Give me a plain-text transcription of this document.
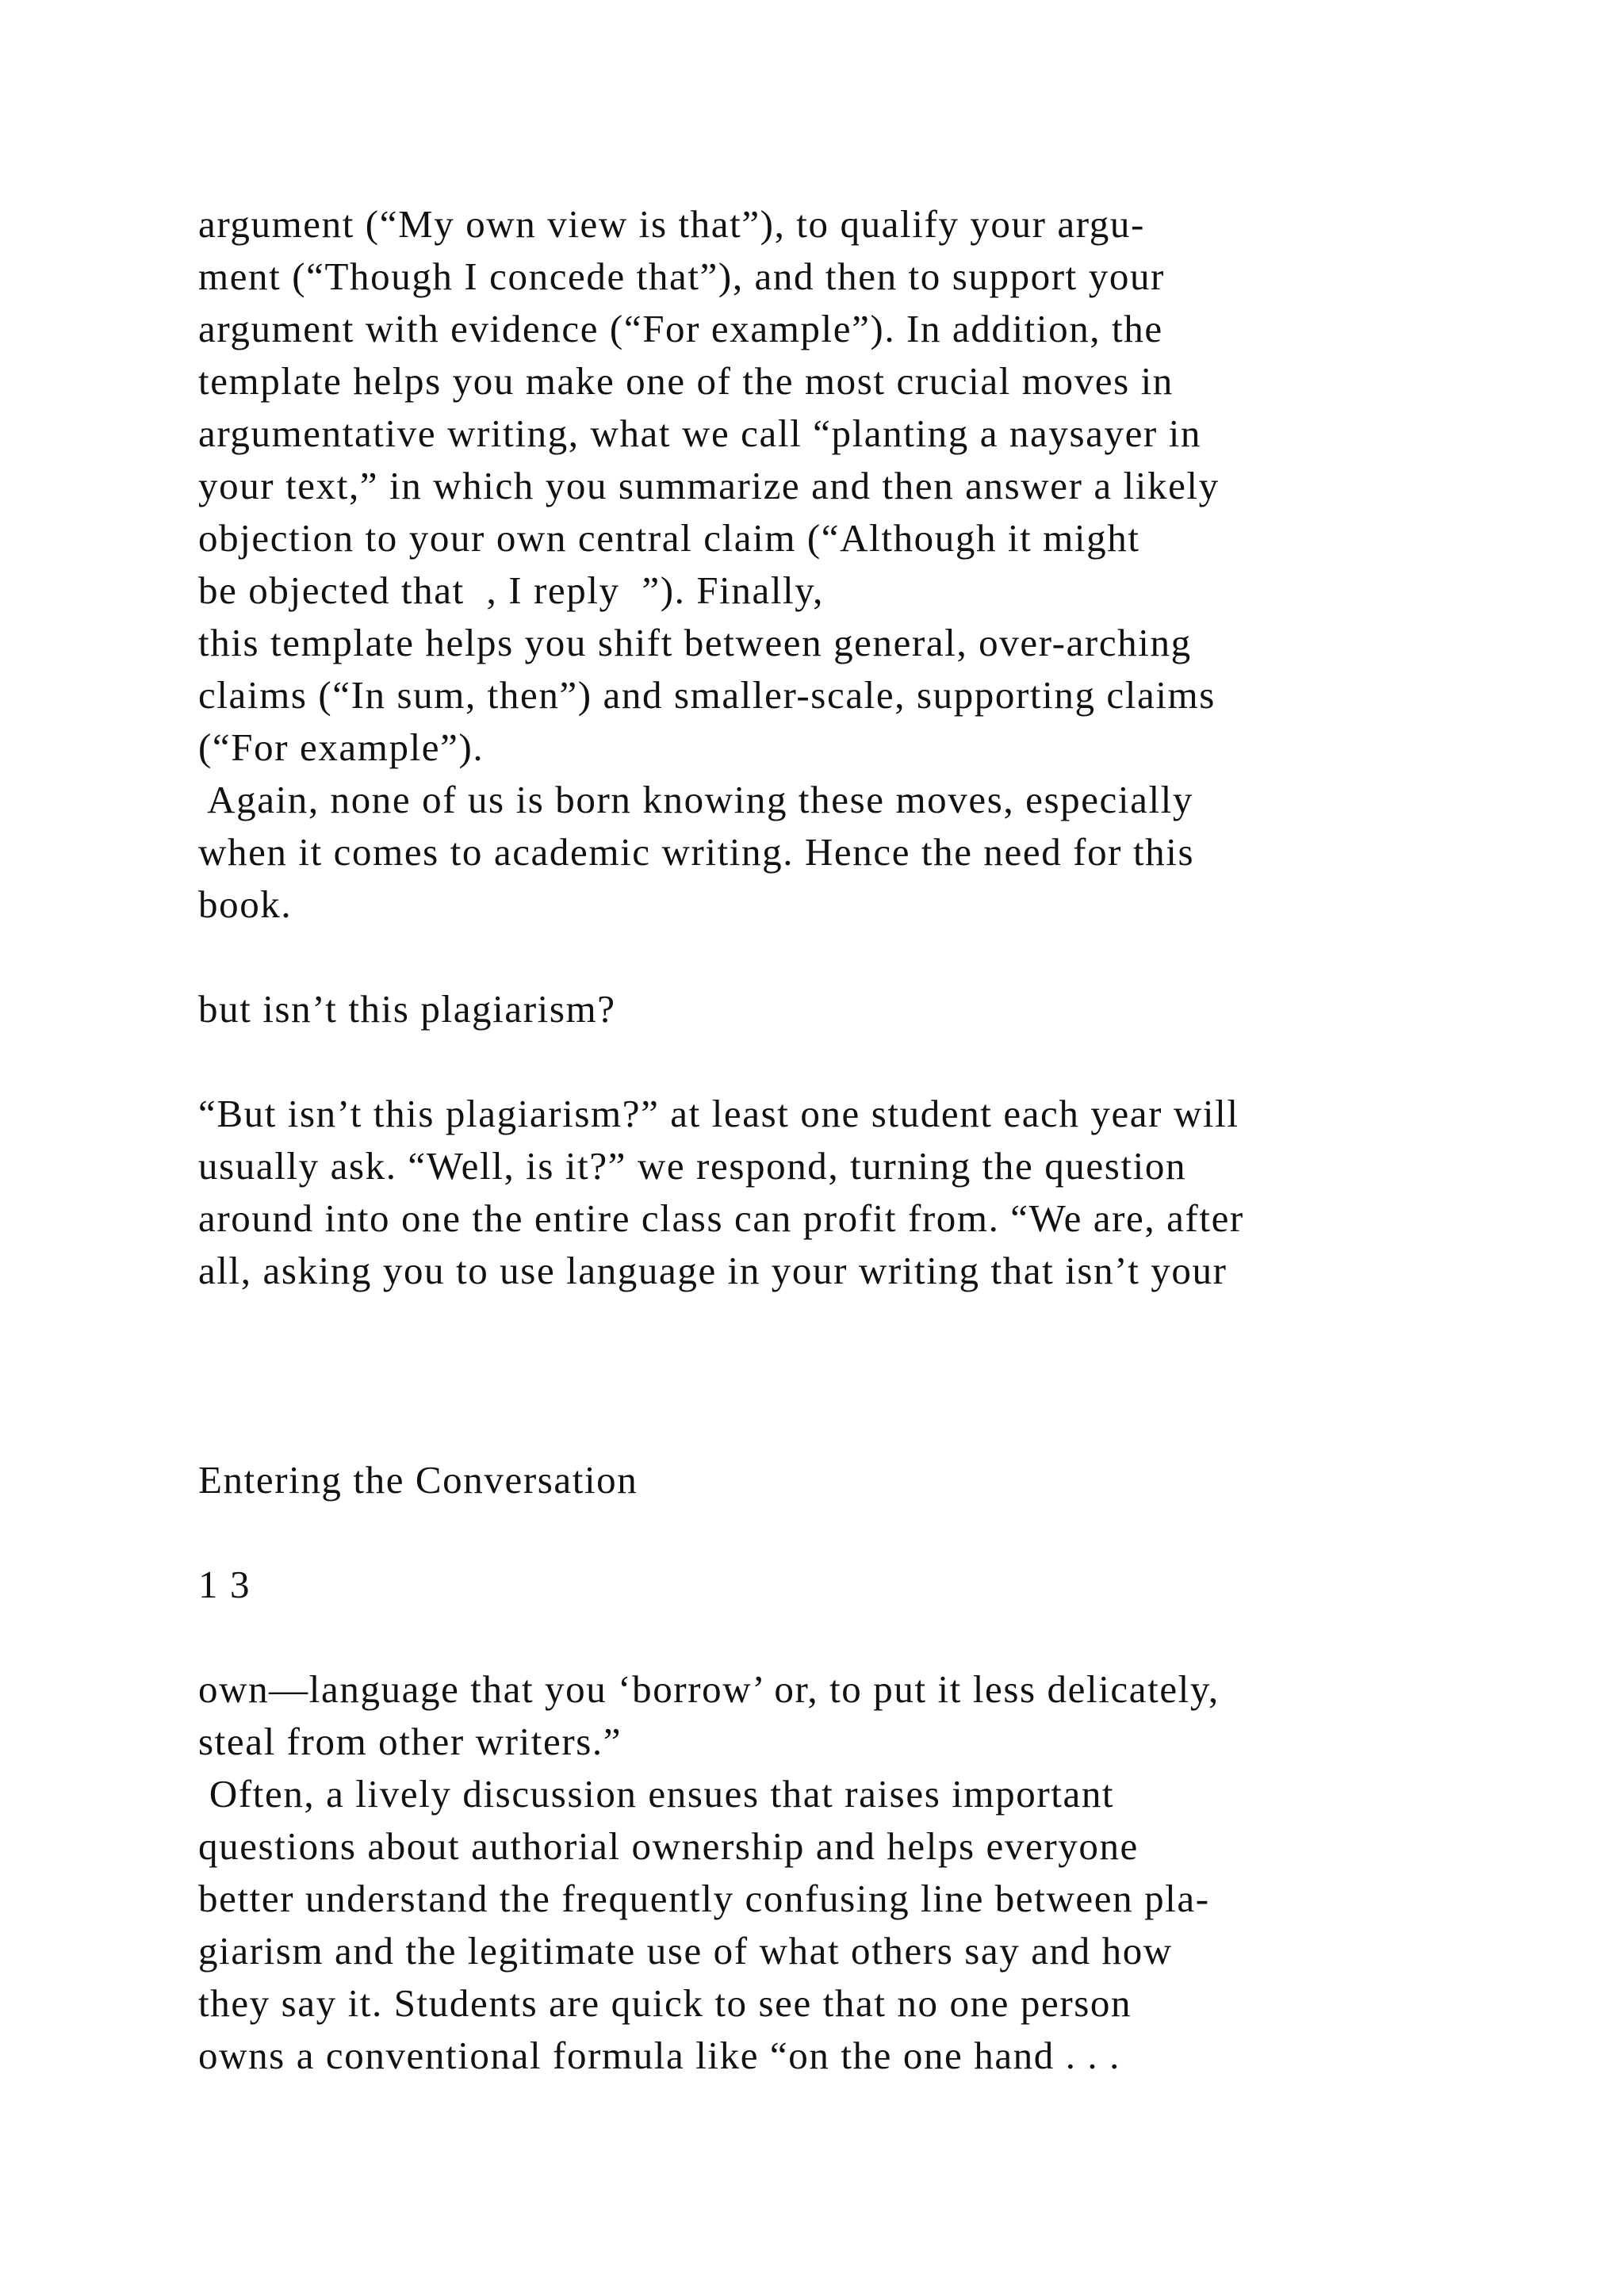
argument (“My own view is that”), to qualify your argu-

ment (“Though I concede that”), and then to support your

argument with evidence (“For example”). In addition, the

template helps you make one of the most crucial moves in

argumentative writing, what we call “planting a naysayer in

your text,” in which you summarize and then answer a likely

objection to your own central claim (“Although it might

be objected that  , I reply  ”). Finally,

this template helps you shift between general, over-arching

claims (“In sum, then”) and smaller-scale, supporting claims

(“For example”).

Again, none of us is born knowing these moves, especially

when it comes to academic writing. Hence the need for this

book.

but isn’t this plagiarism?

“But isn’t this plagiarism?” at least one student each year will

usually ask. “Well, is it?” we respond, turning the question

around into one the entire class can profit from. “We are, after

all, asking you to use language in your writing that isn’t your

Entering the Conversation

1 3

own—language that you ‘borrow’ or, to put it less delicately,

steal from other writers.”

Often, a lively discussion ensues that raises important

questions about authorial ownership and helps everyone

better understand the frequently confusing line between pla-

giarism and the legitimate use of what others say and how

they say it. Students are quick to see that no one person

owns a conventional formula like “on the one hand . . .
